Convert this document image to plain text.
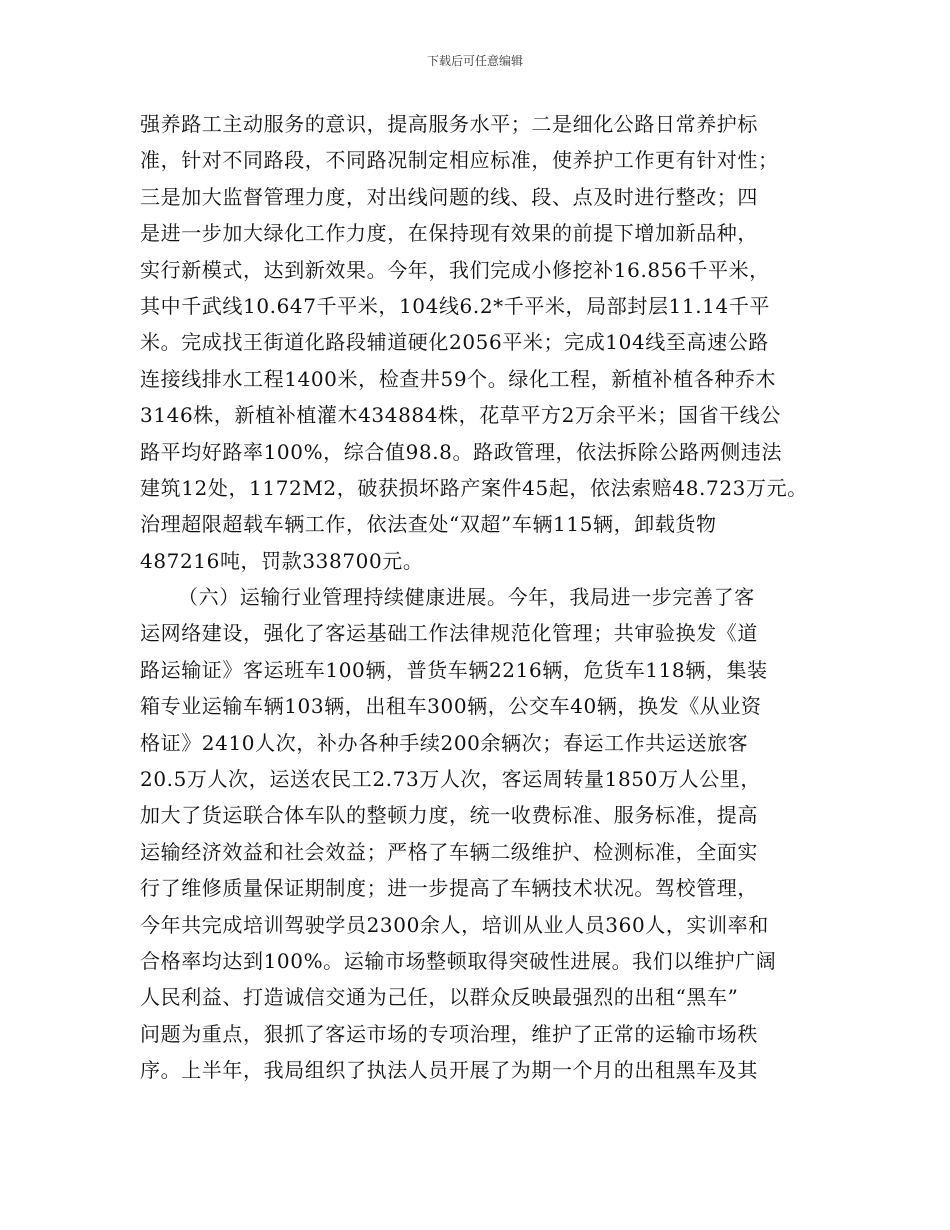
下载后可任意编辑
强养路工主动服务的意识，提高服务水平；二是细化公路日常养护标
准，针对不同路段，不同路况制定相应标准，使养护工作更有针对性；
三是加大监督管理力度，对出线问题的线、段、点及时进行整改；四
是进一步加大绿化工作力度，在保持现有效果的前提下增加新品种，
实行新模式，达到新效果。今年，我们完成小修挖补16.856千平米，
其中千武线10.647千平米，104线6.2*千平米，局部封层11.14千平
米。完成找王街道化路段辅道硬化2056平米；完成104线至高速公路
连接线排水工程1400米，检查井59个。绿化工程，新植补植各种乔木
3146株，新植补植灌木434884株，花草平方2万余平米；国省干线公
路平均好路率100%，综合值98.8。路政管理，依法拆除公路两侧违法
建筑12处，1172M2，破获损坏路产案件45起，依法索赔48.723万元。
治理超限超载车辆工作，依法查处“双超”车辆115辆，卸载货物
487216吨，罚款338700元。
（六）运输行业管理持续健康进展。今年，我局进一步完善了客
运网络建设，强化了客运基础工作法律规范化管理；共审验换发《道
路运输证》客运班车100辆，普货车辆2216辆，危货车118辆，集装
箱专业运输车辆103辆，出租车300辆，公交车40辆，换发《从业资
格证》2410人次，补办各种手续200余辆次；春运工作共运送旅客
20.5万人次，运送农民工2.73万人次，客运周转量1850万人公里，
加大了货运联合体车队的整顿力度，统一收费标准、服务标准，提高
运输经济效益和社会效益；严格了车辆二级维护、检测标准，全面实
行了维修质量保证期制度；进一步提高了车辆技术状况。驾校管理，
今年共完成培训驾驶学员2300余人，培训从业人员360人，实训率和
合格率均达到100%。运输市场整顿取得突破性进展。我们以维护广阔
人民利益、打造诚信交通为己任，以群众反映最强烈的出租“黑车”
问题为重点，狠抓了客运市场的专项治理，维护了正常的运输市场秩
序。上半年，我局组织了执法人员开展了为期一个月的出租黑车及其
